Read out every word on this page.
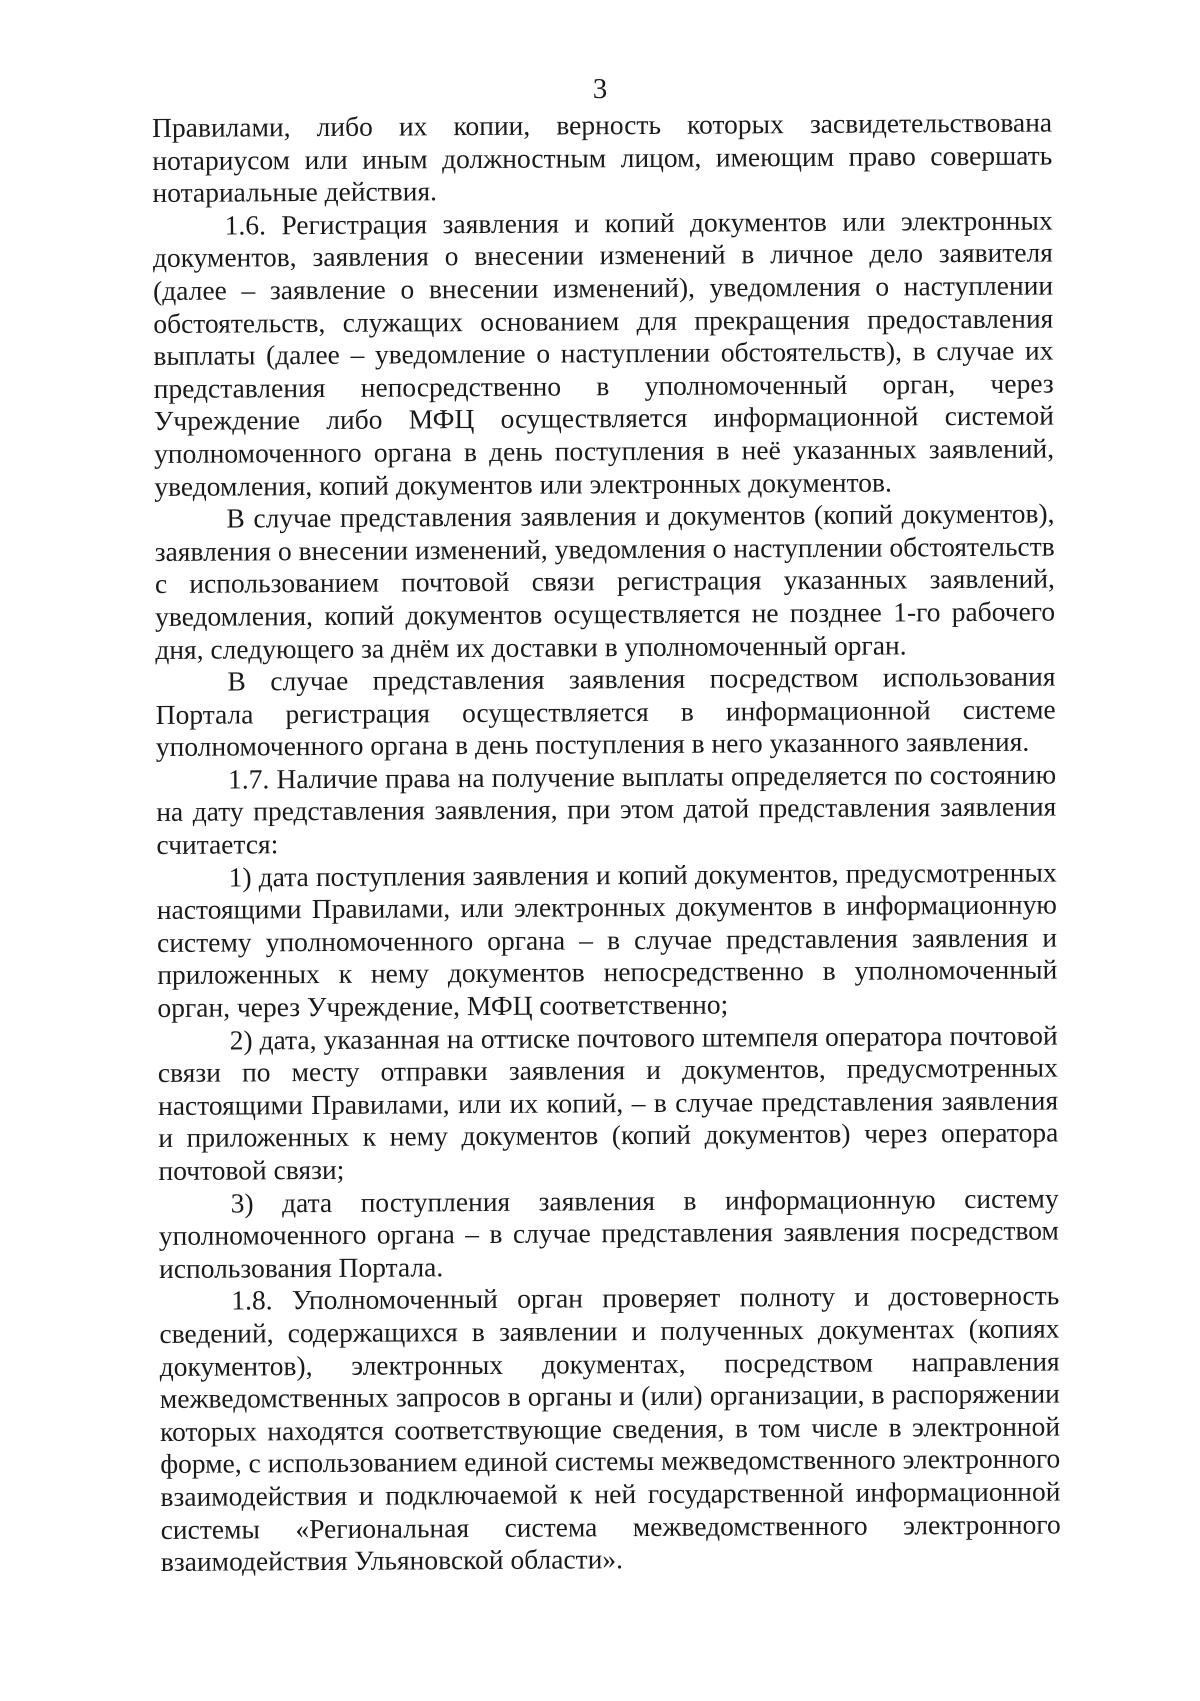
3

Правилами, либо их копии, верность которых засвидетельствована нотариусом или иным должностным лицом, имеющим право совершать нотариальные действия.

1.6. Регистрация заявления и копий документов или электронных документов, заявления о внесении изменений в личное дело заявителя (далее – заявление о внесении изменений), уведомления о наступлении обстоятельств, служащих основанием для прекращения предоставления выплаты (далее – уведомление о наступлении обстоятельств), в случае их представления непосредственно в уполномоченный орган, через Учреждение либо МФЦ осуществляется информационной системой уполномоченного органа в день поступления в неё указанных заявлений, уведомления, копий документов или электронных документов.

В случае представления заявления и документов (копий документов), заявления о внесении изменений, уведомления о наступлении обстоятельств с использованием почтовой связи регистрация указанных заявлений, уведомления, копий документов осуществляется не позднее 1-го рабочего дня, следующего за днём их доставки в уполномоченный орган.

В случае представления заявления посредством использования Портала регистрация осуществляется в информационной системе уполномоченного органа в день поступления в него указанного заявления.

1.7. Наличие права на получение выплаты определяется по состоянию на дату представления заявления, при этом датой представления заявления считается:

1) дата поступления заявления и копий документов, предусмотренных настоящими Правилами, или электронных документов в информационную систему уполномоченного органа – в случае представления заявления и приложенных к нему документов непосредственно в уполномоченный орган, через Учреждение, МФЦ соответственно;

2) дата, указанная на оттиске почтового штемпеля оператора почтовой связи по месту отправки заявления и документов, предусмотренных настоящими Правилами, или их копий, – в случае представления заявления и приложенных к нему документов (копий документов) через оператора почтовой связи;

3) дата поступления заявления в информационную систему уполномоченного органа – в случае представления заявления посредством использования Портала.

1.8. Уполномоченный орган проверяет полноту и достоверность сведений, содержащихся в заявлении и полученных документах (копиях документов), электронных документах, посредством направления межведомственных запросов в органы и (или) организации, в распоряжении которых находятся соответствующие сведения, в том числе в электронной форме, с использованием единой системы межведомственного электронного взаимодействия и подключаемой к ней государственной информационной системы «Региональная система межведомственного электронного взаимодействия Ульяновской области».
